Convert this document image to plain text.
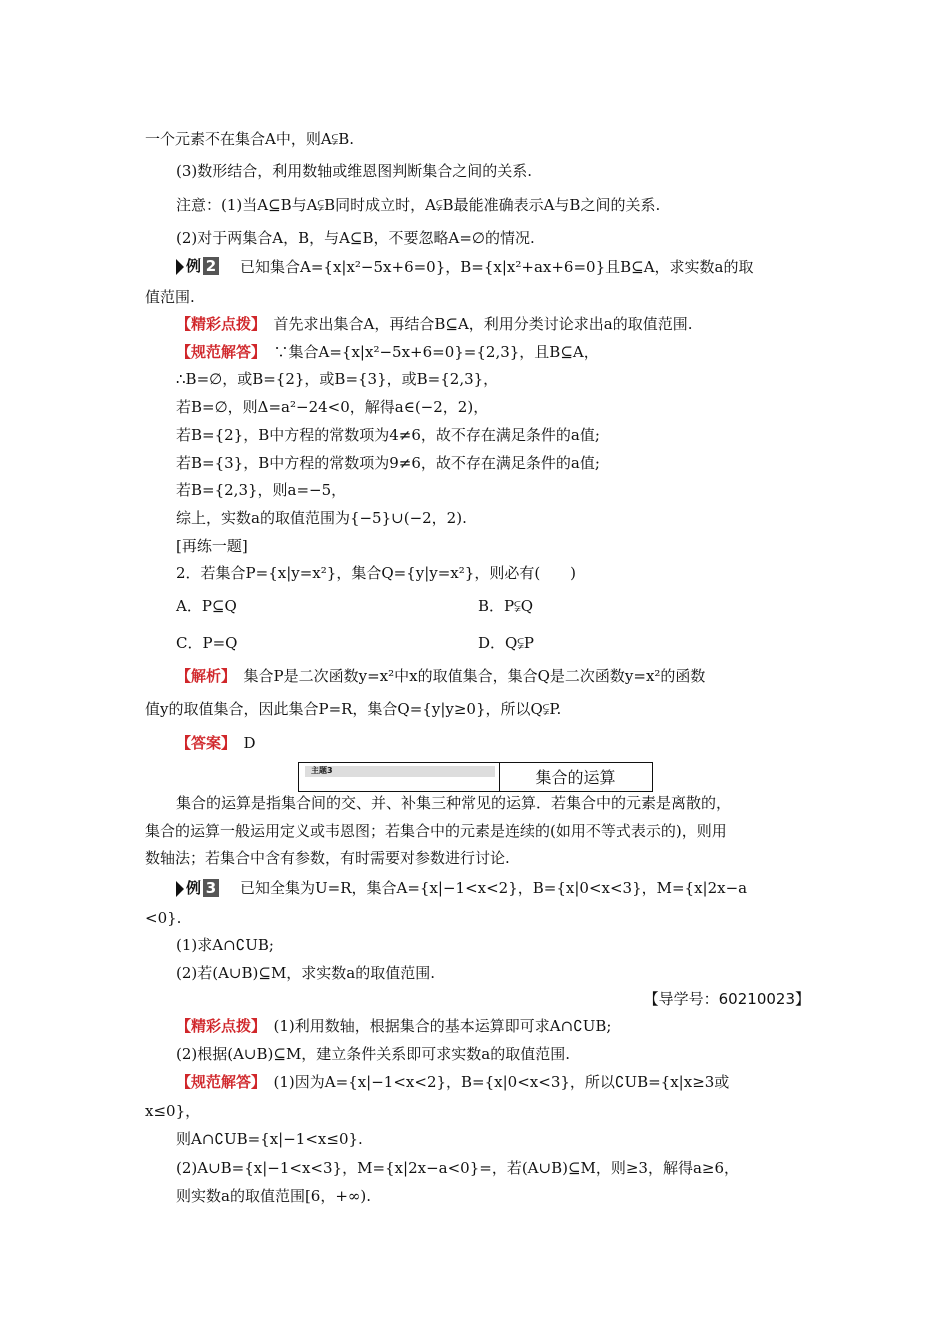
一个元素不在集合A中，则A⫋B.
(3)数形结合，利用数轴或维恩图判断集合之间的关系.
注意：(1)当A⊆B与A⫋B同时成立时，A⫋B最能准确表示A与B之间的关系.
(2)对于两集合A，B，与A⊆B，不要忽略A=∅的情况.
例 2 已知集合A={x|x²−5x+6=0}，B={x|x²+ax+6=0}且B⊆A，求实数a的取
值范围.
【精彩点拨】　 首先求出集合A，再结合B⊆A，利用分类讨论求出a的取值范围.
【规范解答】　 ∵集合A={x|x²−5x+6=0}={2,3}，且B⊆A，
∴B=∅，或B={2}，或B={3}，或B={2,3}，
若B=∅，则Δ=a²−24<0，解得a∈(−2，2)，
若B={2}，B中方程的常数项为4≠6，故不存在满足条件的a值;
若B={3}，B中方程的常数项为9≠6，故不存在满足条件的a值;
若B={2,3}，则a=−5，
综上，实数a的取值范围为{−5}∪(−2，2).
[再练一题]
2．若集合P={x|y=x²}，集合Q={y|y=x²}，则必有(　　)
A．P⊆Q	B．P⫋Q
C．P=Q	D．Q⫋P
【解析】　 集合P是二次函数y=x²中x的取值集合，集合Q是二次函数y=x²的函数
值y的取值集合，因此集合P=R，集合Q={y|y≥0}，所以Q⫋P.
【答案】　 D
主题3	集合的运算
集合的运算是指集合间的交、并、补集三种常见的运算．若集合中的元素是离散的，
集合的运算一般运用定义或韦恩图；若集合中的元素是连续的(如用不等式表示的)，则用
数轴法；若集合中含有参数，有时需要对参数进行讨论.
例 3 已知全集为U=R，集合A={x|−1<x<2}，B={x|0<x<3}，M={x|2x−a
<0}.
(1)求A∩∁UB;
(2)若(A∪B)⊆M，求实数a的取值范围.
【导学号：60210023】
【精彩点拨】　 (1)利用数轴，根据集合的基本运算即可求A∩∁UB;
(2)根据(A∪B)⊆M，建立条件关系即可求实数a的取值范围.
【规范解答】　 (1)因为A={x|−1<x<2}，B={x|0<x<3}，所以∁UB={x|x≥3或
x≤0}，
则A∩∁UB={x|−1<x≤0}.
(2)A∪B={x|−1<x<3}，M={x|2x−a<0}=，若(A∪B)⊆M，则≥3，解得a≥6，
则实数a的取值范围[6，+∞).
